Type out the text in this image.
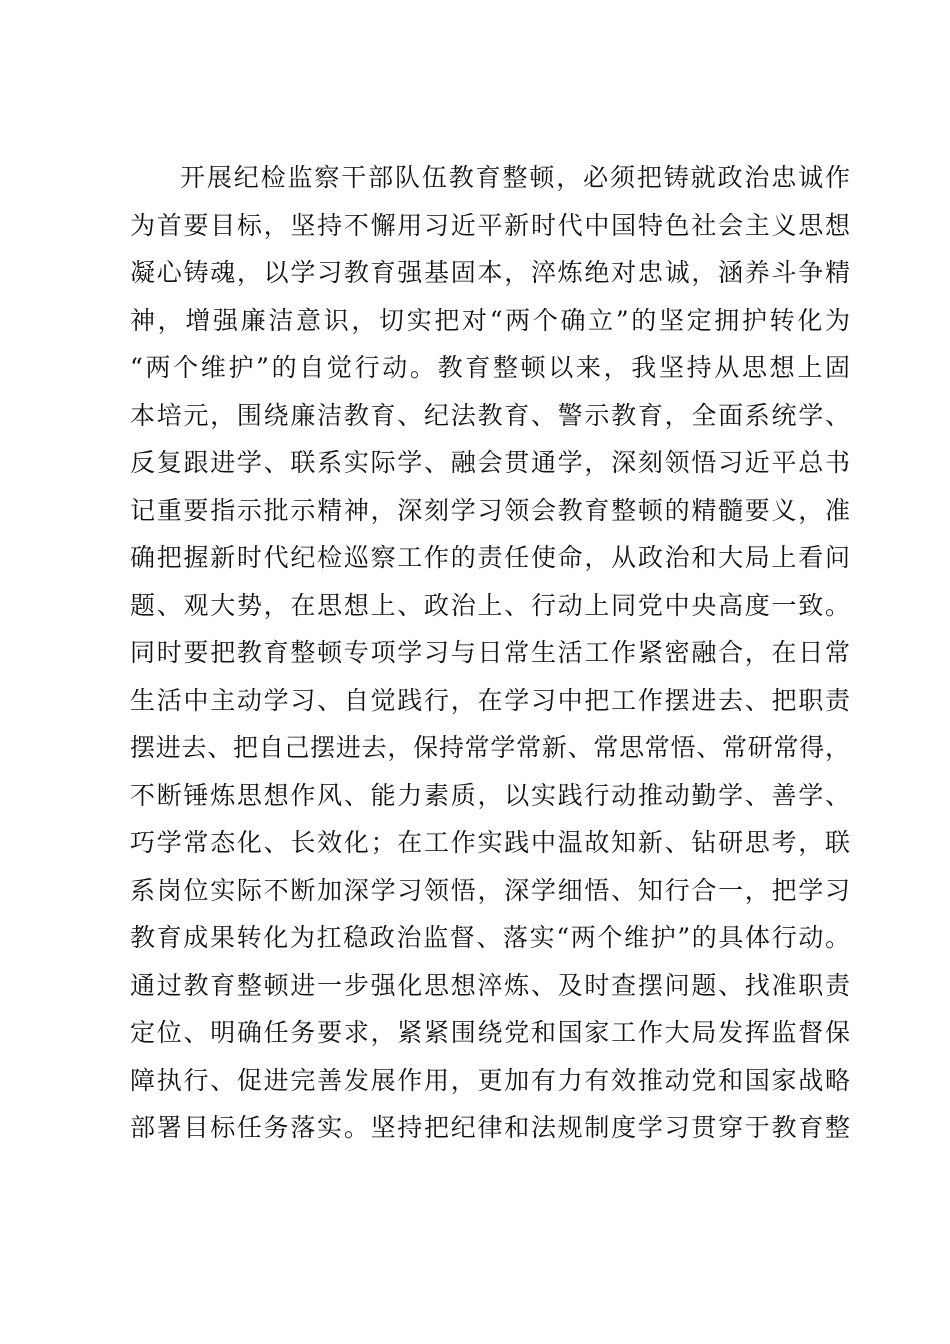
开展纪检监察干部队伍教育整顿，必须把铸就政治忠诚作
为首要目标，坚持不懈用习近平新时代中国特色社会主义思想
凝心铸魂，以学习教育强基固本，淬炼绝对忠诚，涵养斗争精
神，增强廉洁意识，切实把对“两个确立”的坚定拥护转化为
“两个维护”的自觉行动。教育整顿以来，我坚持从思想上固
本培元，围绕廉洁教育、纪法教育、警示教育，全面系统学、
反复跟进学、联系实际学、融会贯通学，深刻领悟习近平总书
记重要指示批示精神，深刻学习领会教育整顿的精髓要义，准
确把握新时代纪检巡察工作的责任使命，从政治和大局上看问
题、观大势，在思想上、政治上、行动上同党中央高度一致。
同时要把教育整顿专项学习与日常生活工作紧密融合，在日常
生活中主动学习、自觉践行，在学习中把工作摆进去、把职责
摆进去、把自己摆进去，保持常学常新、常思常悟、常研常得，
不断锤炼思想作风、能力素质，以实践行动推动勤学、善学、
巧学常态化、长效化；在工作实践中温故知新、钻研思考，联
系岗位实际不断加深学习领悟，深学细悟、知行合一，把学习
教育成果转化为扛稳政治监督、落实“两个维护”的具体行动。
通过教育整顿进一步强化思想淬炼、及时查摆问题、找准职责
定位、明确任务要求，紧紧围绕党和国家工作大局发挥监督保
障执行、促进完善发展作用，更加有力有效推动党和国家战略
部署目标任务落实。坚持把纪律和法规制度学习贯穿于教育整
